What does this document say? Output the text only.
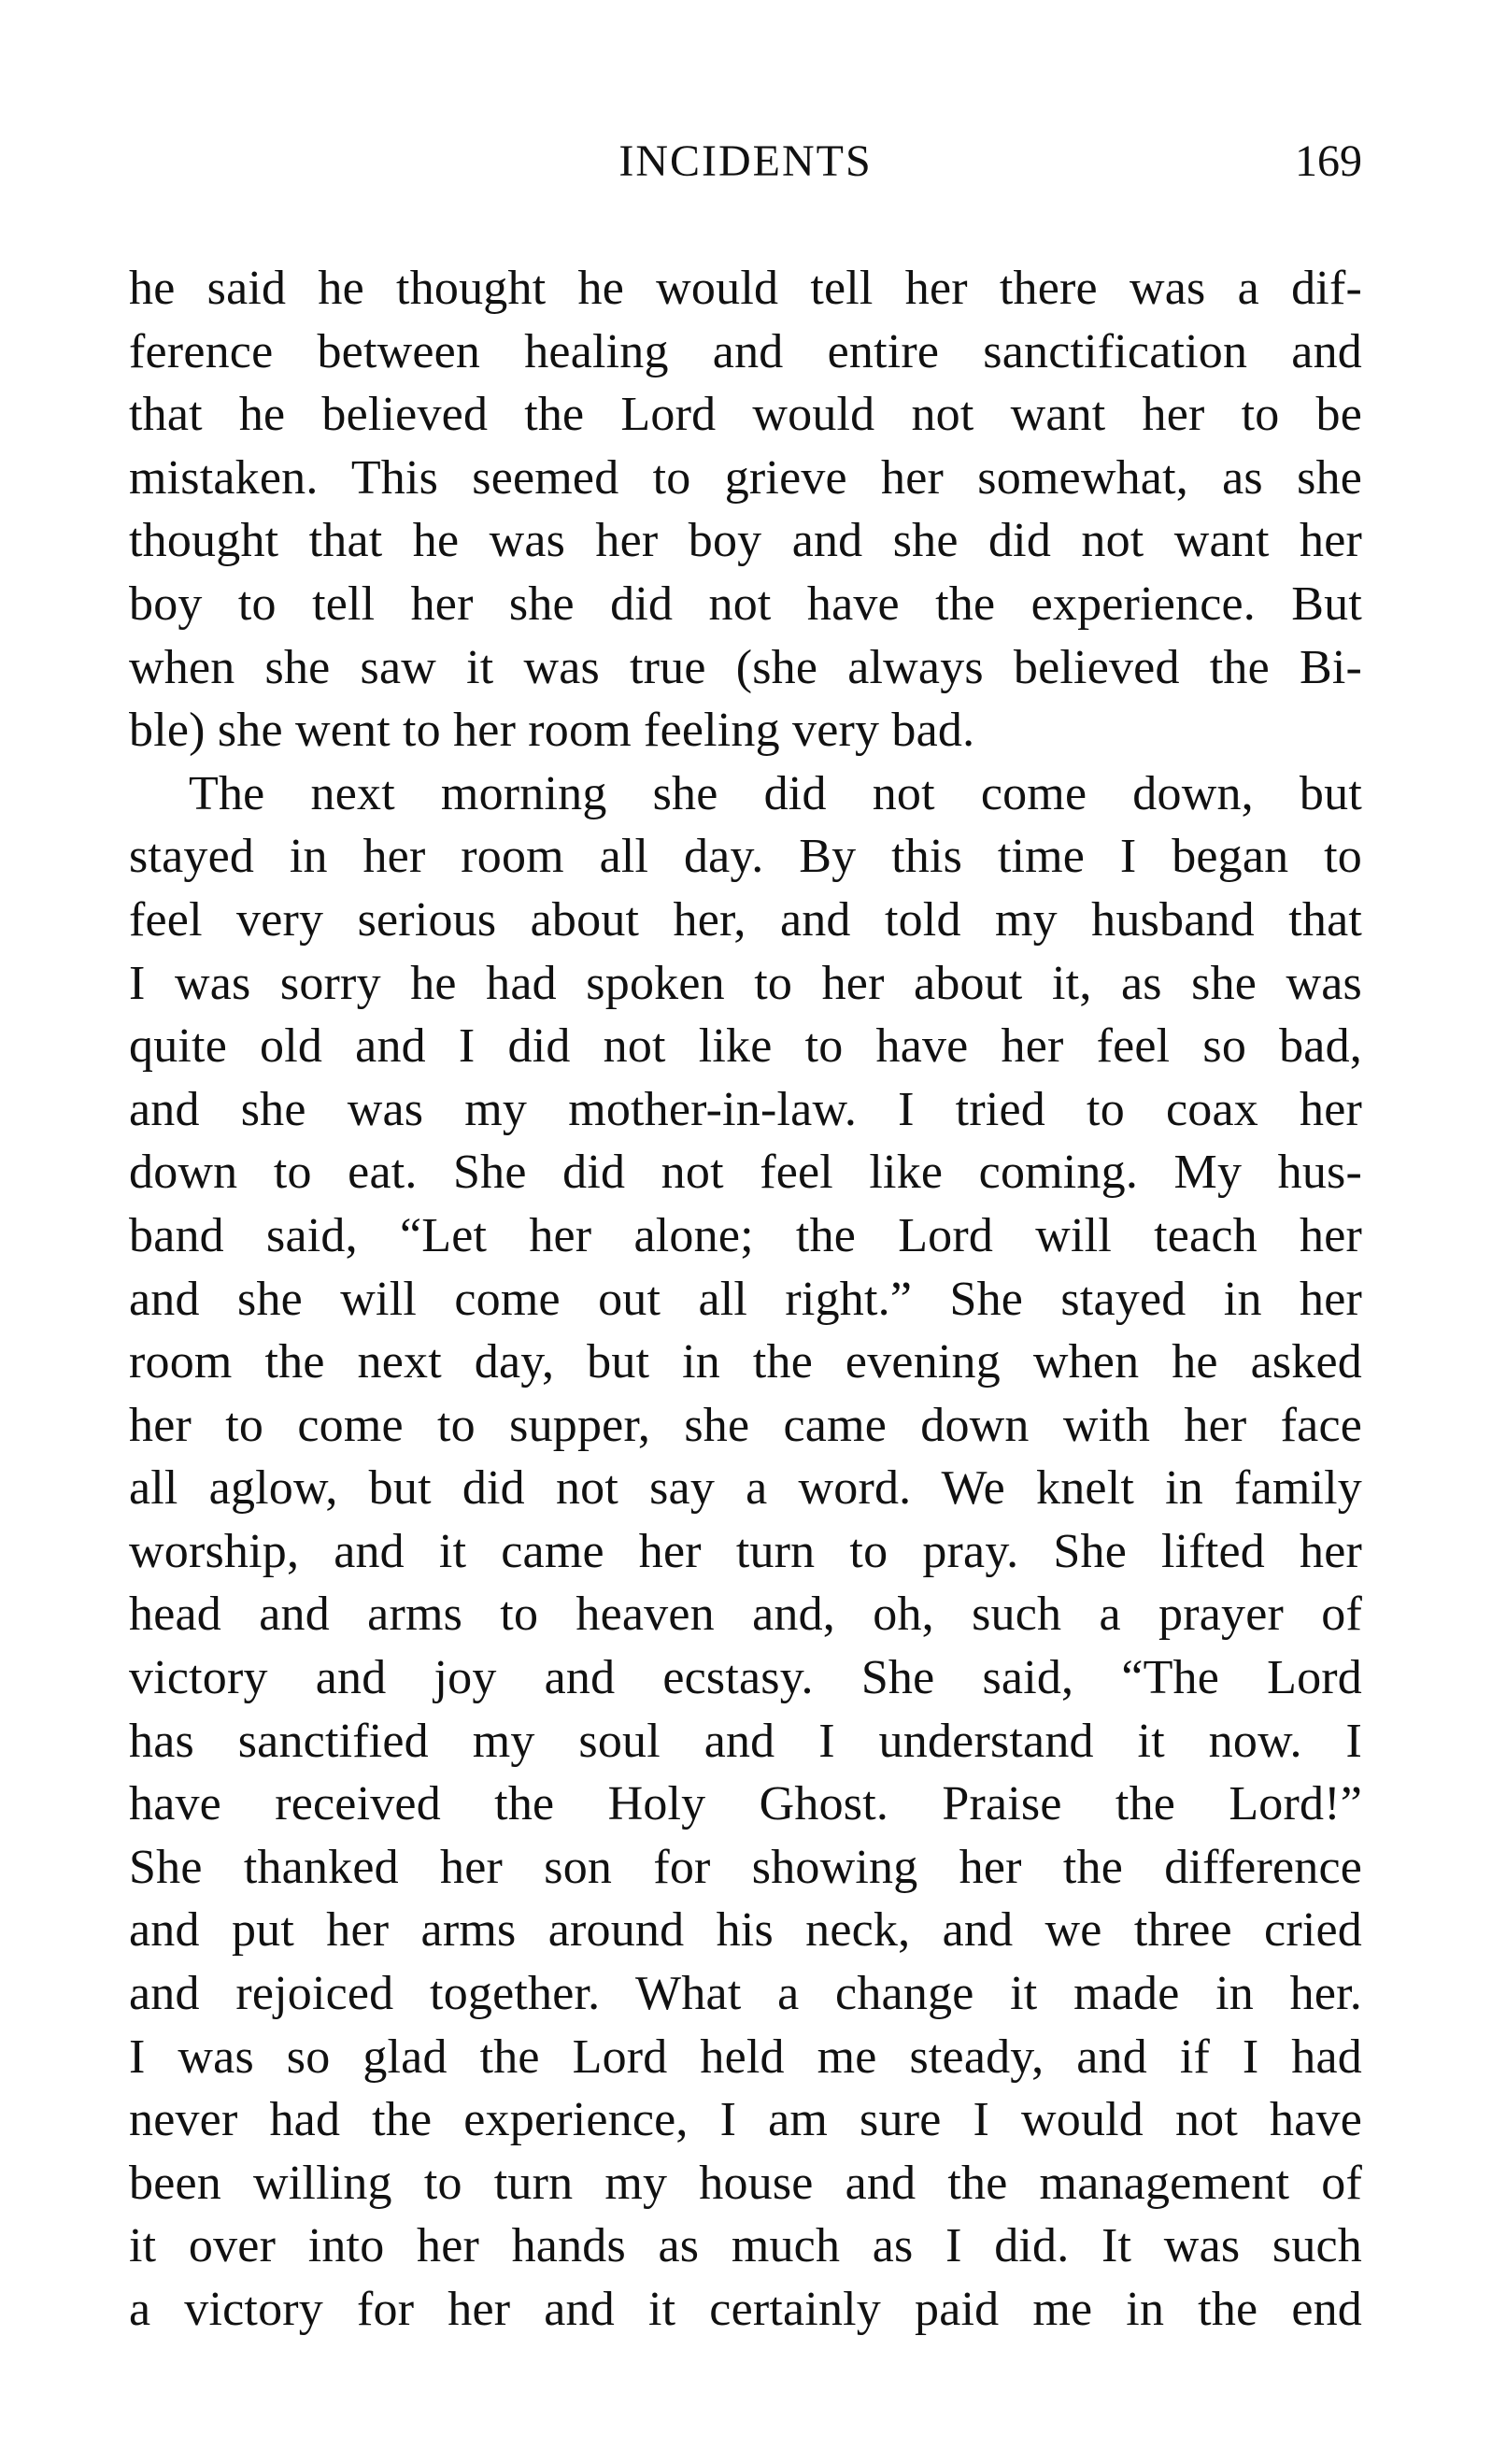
INCIDENTS	169
he said he thought he would tell her there was a dif-
ference between healing and entire sanctification and
that he believed the Lord would not want her to be
mistaken. This seemed to grieve her somewhat, as she
thought that he was her boy and she did not want her
boy to tell her she did not have the experience. But
when she saw it was true (she always believed the Bi-
ble) she went to her room feeling very bad.
The next morning she did not come down, but
stayed in her room all day. By this time I began to
feel very serious about her, and told my husband that
I was sorry he had spoken to her about it, as she was
quite old and I did not like to have her feel so bad,
and she was my mother-in-law. I tried to coax her
down to eat. She did not feel like coming. My hus-
band said, “Let her alone; the Lord will teach her
and she will come out all right.” She stayed in her
room the next day, but in the evening when he asked
her to come to supper, she came down with her face
all aglow, but did not say a word. We knelt in family
worship, and it came her turn to pray. She lifted her
head and arms to heaven and, oh, such a prayer of
victory and joy and ecstasy. She said, “The Lord
has sanctified my soul and I understand it now. I
have received the Holy Ghost. Praise the Lord!”
She thanked her son for showing her the difference
and put her arms around his neck, and we three cried
and rejoiced together. What a change it made in her.
I was so glad the Lord held me steady, and if I had
never had the experience, I am sure I would not have
been willing to turn my house and the management of
it over into her hands as much as I did. It was such
a victory for her and it certainly paid me in the end
